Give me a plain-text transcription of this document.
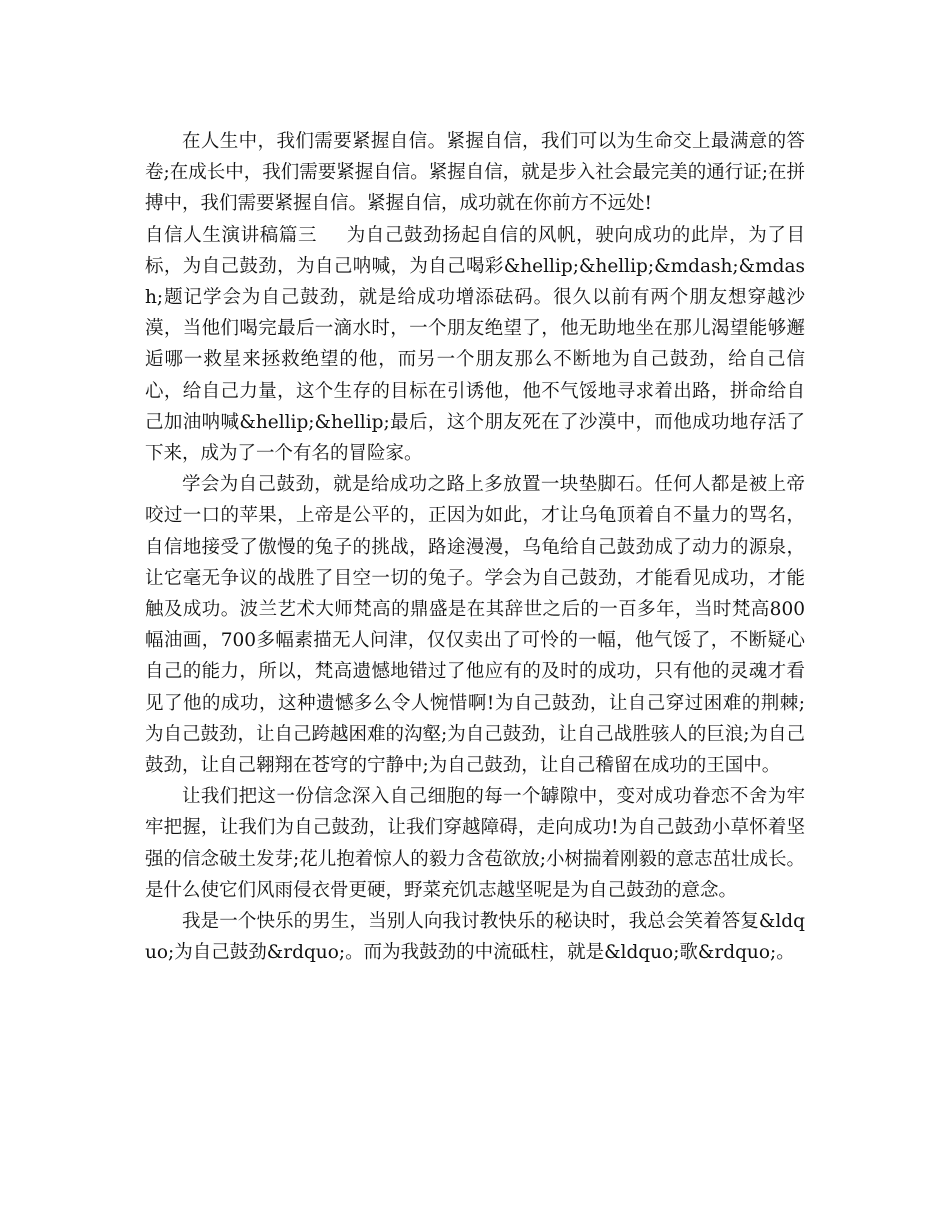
在人生中，我们需要紧握自信。紧握自信，我们可以为生命交上最满意的答卷;在成长中，我们需要紧握自信。紧握自信，就是步入社会最完美的通行证;在拼搏中，我们需要紧握自信。紧握自信，成功就在你前方不远处!

自信人生演讲稿篇三 为自己鼓劲扬起自信的风帆，驶向成功的此岸，为了目标，为自己鼓劲，为自己呐喊，为自己喝彩&hellip;&hellip;&mdash;&mdash;题记学会为自己鼓劲，就是给成功增添砝码。很久以前有两个朋友想穿越沙漠，当他们喝完最后一滴水时，一个朋友绝望了，他无助地坐在那儿渴望能够邂逅哪一救星来拯救绝望的他，而另一个朋友那么不断地为自己鼓劲，给自己信心，给自己力量，这个生存的目标在引诱他，他不气馁地寻求着出路，拼命给自己加油呐喊&hellip;&hellip;最后，这个朋友死在了沙漠中，而他成功地存活了下来，成为了一个有名的冒险家。

学会为自己鼓劲，就是给成功之路上多放置一块垫脚石。任何人都是被上帝咬过一口的苹果，上帝是公平的，正因为如此，才让乌龟顶着自不量力的骂名，自信地接受了傲慢的兔子的挑战，路途漫漫，乌龟给自己鼓劲成了动力的源泉，让它毫无争议的战胜了目空一切的兔子。学会为自己鼓劲，才能看见成功，才能触及成功。波兰艺术大师梵高的鼎盛是在其辞世之后的一百多年，当时梵高800幅油画，700多幅素描无人问津，仅仅卖出了可怜的一幅，他气馁了，不断疑心自己的能力，所以，梵高遗憾地错过了他应有的及时的成功，只有他的灵魂才看见了他的成功，这种遗憾多么令人惋惜啊!为自己鼓劲，让自己穿过困难的荆棘;为自己鼓劲，让自己跨越困难的沟壑;为自己鼓劲，让自己战胜骇人的巨浪;为自己鼓劲，让自己翱翔在苍穹的宁静中;为自己鼓劲，让自己稽留在成功的王国中。

让我们把这一份信念深入自己细胞的每一个罅隙中，变对成功眷恋不舍为牢牢把握，让我们为自己鼓劲，让我们穿越障碍，走向成功!为自己鼓劲小草怀着坚强的信念破土发芽;花儿抱着惊人的毅力含苞欲放;小树揣着刚毅的意志茁壮成长。是什么使它们风雨侵衣骨更硬，野菜充饥志越坚呢是为自己鼓劲的意念。

我是一个快乐的男生，当别人向我讨教快乐的秘诀时，我总会笑着答复&ldquo;为自己鼓劲&rdquo;。而为我鼓劲的中流砥柱，就是&ldquo;歌&rdquo;。
